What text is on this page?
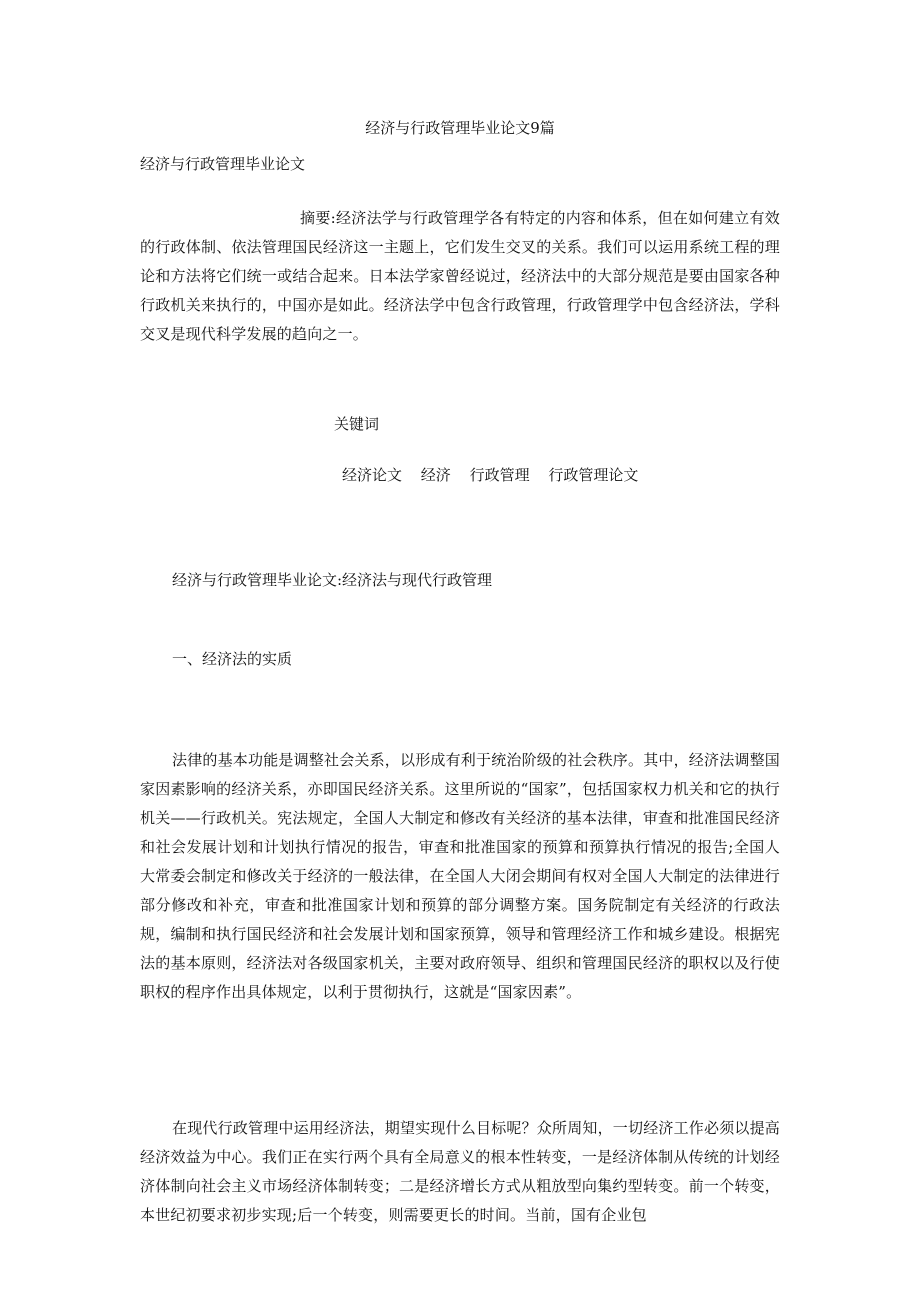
经济与行政管理毕业论文9篇
经济与行政管理毕业论文
摘要:经济法学与行政管理学各有特定的内容和体系，但在如何建立有效的行政体制、依法管理国民经济这一主题上，它们发生交叉的关系。我们可以运用系统工程的理论和方法将它们统一或结合起来。日本法学家曾经说过，经济法中的大部分规范是要由国家各种行政机关来执行的，中国亦是如此。经济法学中包含行政管理，行政管理学中包含经济法，学科交叉是现代科学发展的趋向之一。
关键词
经济论文 经济 行政管理 行政管理论文
经济与行政管理毕业论文:经济法与现代行政管理
一、经济法的实质
法律的基本功能是调整社会关系，以形成有利于统治阶级的社会秩序。其中，经济法调整国家因素影响的经济关系，亦即国民经济关系。这里所说的“国家”，包括国家权力机关和它的执行机关——行政机关。宪法规定，全国人大制定和修改有关经济的基本法律，审查和批准国民经济和社会发展计划和计划执行情况的报告，审查和批准国家的预算和预算执行情况的报告;全国人大常委会制定和修改关于经济的一般法律，在全国人大闭会期间有权对全国人大制定的法律进行部分修改和补充，审查和批准国家计划和预算的部分调整方案。国务院制定有关经济的行政法规，编制和执行国民经济和社会发展计划和国家预算，领导和管理经济工作和城乡建设。根据宪法的基本原则，经济法对各级国家机关，主要对政府领导、组织和管理国民经济的职权以及行使职权的程序作出具体规定，以利于贯彻执行，这就是“国家因素”。
在现代行政管理中运用经济法，期望实现什么目标呢？众所周知，一切经济工作必须以提高经济效益为中心。我们正在实行两个具有全局意义的根本性转变，一是经济体制从传统的计划经济体制向社会主义市场经济体制转变；二是经济增长方式从粗放型向集约型转变。前一个转变，本世纪初要求初步实现;后一个转变，则需要更长的时间。当前，国有企业包
